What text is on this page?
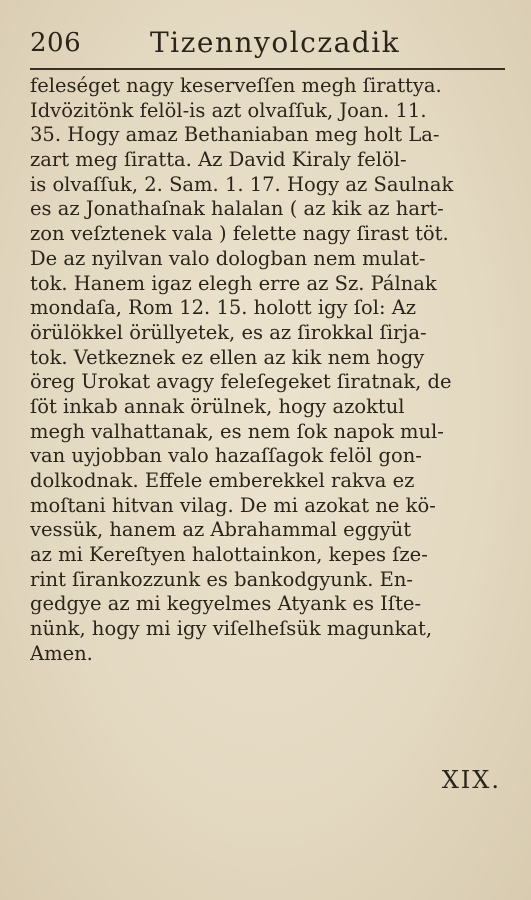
206 Tizennyolczadik
feleséget nagy keserveſſen megh ſirattya.
Idvözitönk felöl-is azt olvaſſuk, Joan. 11.
35. Hogy amaz Bethaniaban meg holt La-
zart meg ſiratta. Az David Kiraly felöl-
is olvaſſuk, 2. Sam. 1. 17. Hogy az Saulnak
es az Jonathaſnak halalan ( az kik az hart-
zon veſztenek vala ) felette nagy ſirast töt.
De az nyilvan valo dologban nem mulat-
tok. Hanem igaz elegh erre az Sz. Pálnak
mondaſa, Rom 12. 15. holott igy ſol: Az
örülökkel örüllyetek, es az ſirokkal ſirja-
tok. Vetkeznek ez ellen az kik nem hogy
öreg Urokat avagy feleſegeket ſiratnak, de
ſöt inkab annak örülnek, hogy azoktul
megh valhattanak, es nem ſok napok mul-
van uyjobban valo hazaſſagok felöl gon-
dolkodnak. Effele emberekkel rakva ez
moſtani hitvan vilag. De mi azokat ne kö-
vessük, hanem az Abrahammal eggyüt
az mi Kereſtyen halottainkon, kepes ſze-
rint ſirankozzunk es bankodgyunk. En-
gedgye az mi kegyelmes Atyank es Iſte-
nünk, hogy mi igy viſelheſsük magunkat,
Amen.
XIX.
